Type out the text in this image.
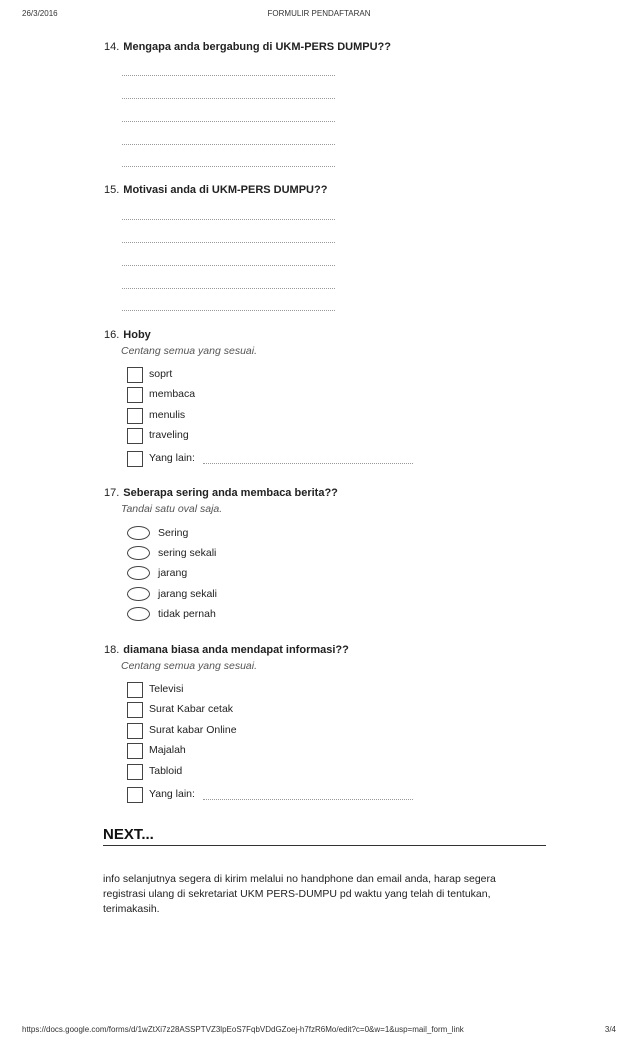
26/3/2016	FORMULIR PENDAFTARAN
14. Mengapa anda bergabung di UKM-PERS DUMPU??
15. Motivasi anda di UKM-PERS DUMPU??
16. Hoby
Centang semua yang sesuai.
soprt
membaca
menulis
traveling
Yang lain:
17. Seberapa sering anda membaca berita??
Tandai satu oval saja.
Sering
sering sekali
jarang
jarang sekali
tidak pernah
18. diamana biasa anda mendapat informasi??
Centang semua yang sesuai.
Televisi
Surat Kabar cetak
Surat kabar Online
Majalah
Tabloid
Yang lain:
NEXT...
info selanjutnya segera di kirim melalui no handphone dan email anda, harap segera registrasi ulang di sekretariat UKM PERS-DUMPU pd waktu yang telah di tentukan, terimakasih.
https://docs.google.com/forms/d/1wZtXi7z28ASSPTVZ3lpEoS7FqbVDdGZoej-h7fzR6Mo/edit?c=0&w=1&usp=mail_form_link	3/4
